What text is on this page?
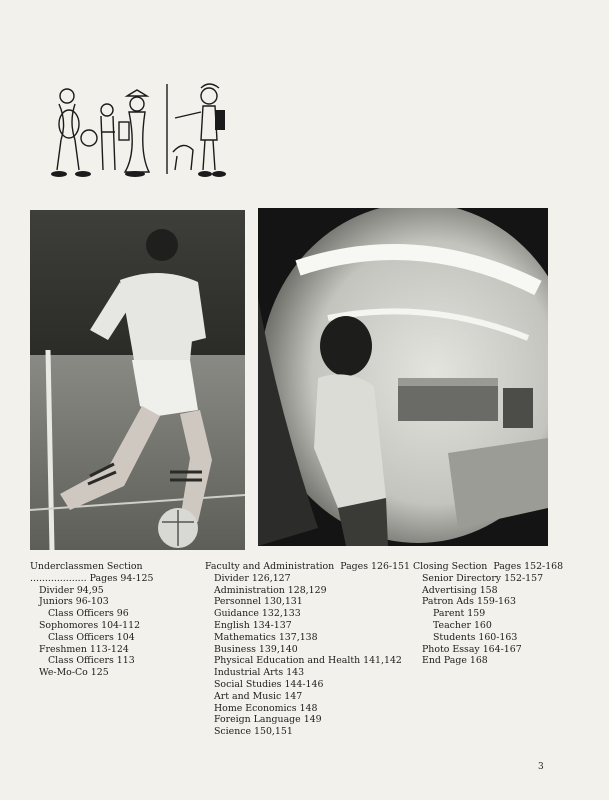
Underclassmen Section
................... Pages 94-125
Divider 94,95
Juniors 96-103
Class Officers 96
Sophomores 104-112
Class Officers 104
Freshmen 113-124
Class Officers 113
We-Mo-Co 125
Faculty and Administration Pages 126-151
Divider 126,127
Administration 128,129
Personnel 130,131
Guidance 132,133
English 134-137
Mathematics 137,138
Business 139,140
Physical Education and Health 141,142
Industrial Arts 143
Social Studies 144-146
Art and Music 147
Home Economics 148
Foreign Language 149
Science 150,151
Closing Section Pages 152-168
Senior Directory 152-157
Advertising 158
Patron Ads 159-163
Parent 159
Teacher 160
Students 160-163
Photo Essay 164-167
End Page 168
3
